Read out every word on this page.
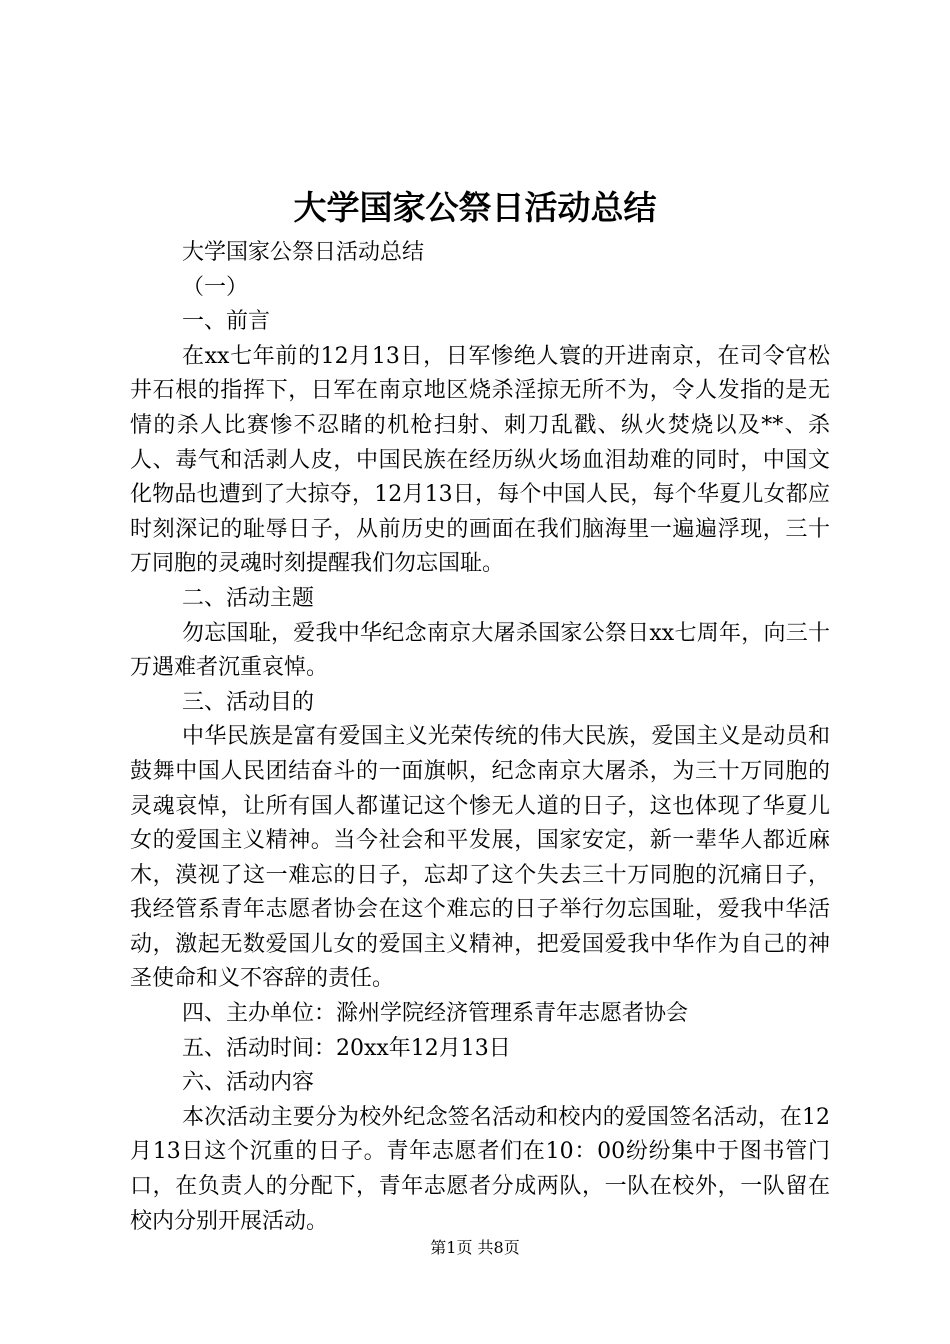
大学国家公祭日活动总结

大学国家公祭日活动总结

（一）

一、前言

在xx七年前的12月13日，日军惨绝人寰的开进南京，在司令官松井石根的指挥下，日军在南京地区烧杀淫掠无所不为，令人发指的是无情的杀人比赛惨不忍睹的机枪扫射、刺刀乱戳、纵火焚烧以及**、杀人、毒气和活剥人皮，中国民族在经历纵火场血泪劫难的同时，中国文化物品也遭到了大掠夺，12月13日，每个中国人民，每个华夏儿女都应时刻深记的耻辱日子，从前历史的画面在我们脑海里一遍遍浮现，三十万同胞的灵魂时刻提醒我们勿忘国耻。

二、活动主题

勿忘国耻，爱我中华纪念南京大屠杀国家公祭日xx七周年，向三十万遇难者沉重哀悼。

三、活动目的

中华民族是富有爱国主义光荣传统的伟大民族，爱国主义是动员和鼓舞中国人民团结奋斗的一面旗帜，纪念南京大屠杀，为三十万同胞的灵魂哀悼，让所有国人都谨记这个惨无人道的日子，这也体现了华夏儿女的爱国主义精神。当今社会和平发展，国家安定，新一辈华人都近麻木，漠视了这一难忘的日子，忘却了这个失去三十万同胞的沉痛日子，我经管系青年志愿者协会在这个难忘的日子举行勿忘国耻，爱我中华活动，激起无数爱国儿女的爱国主义精神，把爱国爱我中华作为自己的神圣使命和义不容辞的责任。

四、主办单位：滁州学院经济管理系青年志愿者协会

五、活动时间：20xx年12月13日

六、活动内容

本次活动主要分为校外纪念签名活动和校内的爱国签名活动，在12月13日这个沉重的日子。青年志愿者们在10：00纷纷集中于图书管门口，在负责人的分配下，青年志愿者分成两队，一队在校外，一队留在校内分别开展活动。

第1页 共8页
